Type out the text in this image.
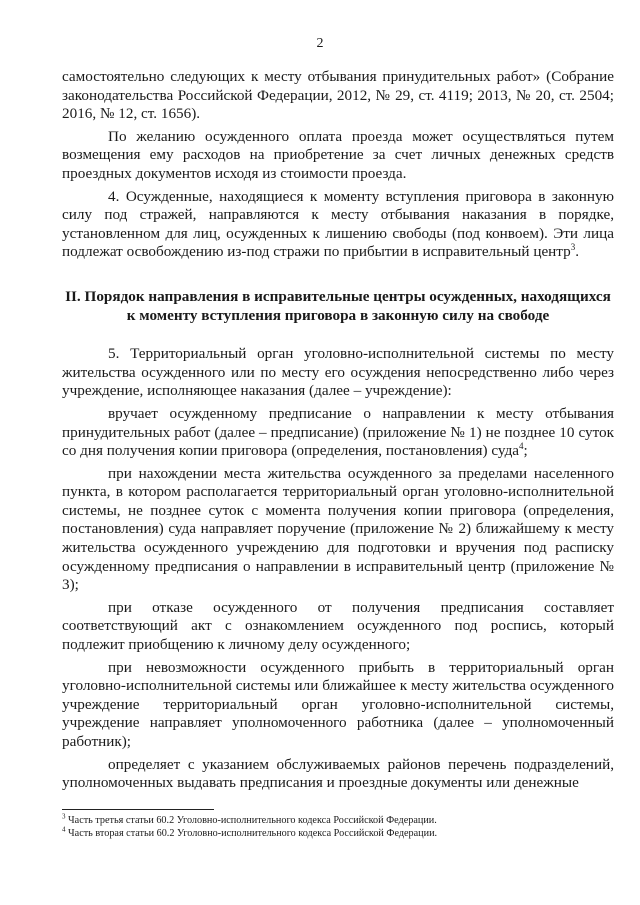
2

самостоятельно следующих к месту отбывания принудительных работ» (Собрание законодательства Российской Федерации, 2012, № 29, ст. 4119; 2013, № 20, ст. 2504; 2016, № 12, ст. 1656).

По желанию осужденного оплата проезда может осуществляться путем возмещения ему расходов на приобретение за счет личных денежных средств проездных документов исходя из стоимости проезда.

4. Осужденные, находящиеся к моменту вступления приговора в законную силу под стражей, направляются к месту отбывания наказания в порядке, установленном для лиц, осужденных к лишению свободы (под конвоем). Эти лица подлежат освобождению из-под стражи по прибытии в исправительный центр$^3$.

II. Порядок направления в исправительные центры осужденных, находящихся к моменту вступления приговора в законную силу на свободе

5. Территориальный орган уголовно-исполнительной системы по месту жительства осужденного или по месту его осуждения непосредственно либо через учреждение, исполняющее наказания (далее – учреждение):

вручает осужденному предписание о направлении к месту отбывания принудительных работ (далее – предписание) (приложение № 1) не позднее 10 суток со дня получения копии приговора (определения, постановления) суда$^4$;

при нахождении места жительства осужденного за пределами населенного пункта, в котором располагается территориальный орган уголовно-исполнительной системы, не позднее суток с момента получения копии приговора (определения, постановления) суда направляет поручение (приложение № 2) ближайшему к месту жительства осужденного учреждению для подготовки и вручения под расписку осужденному предписания о направлении в исправительный центр (приложение № 3);

при отказе осужденного от получения предписания составляет соответствующий акт с ознакомлением осужденного под роспись, который подлежит приобщению к личному делу осужденного;

при невозможности осужденного прибыть в территориальный орган уголовно-исполнительной системы или ближайшее к месту жительства осужденного учреждение территориальный орган уголовно-исполнительной системы, учреждение направляет уполномоченного работника (далее – уполномоченный работник);

определяет с указанием обслуживаемых районов перечень подразделений, уполномоченных выдавать предписания и проездные документы или денежные

$^3$ Часть третья статьи 60.2 Уголовно-исполнительного кодекса Российской Федерации.

$^4$ Часть вторая статьи 60.2 Уголовно-исполнительного кодекса Российской Федерации.
